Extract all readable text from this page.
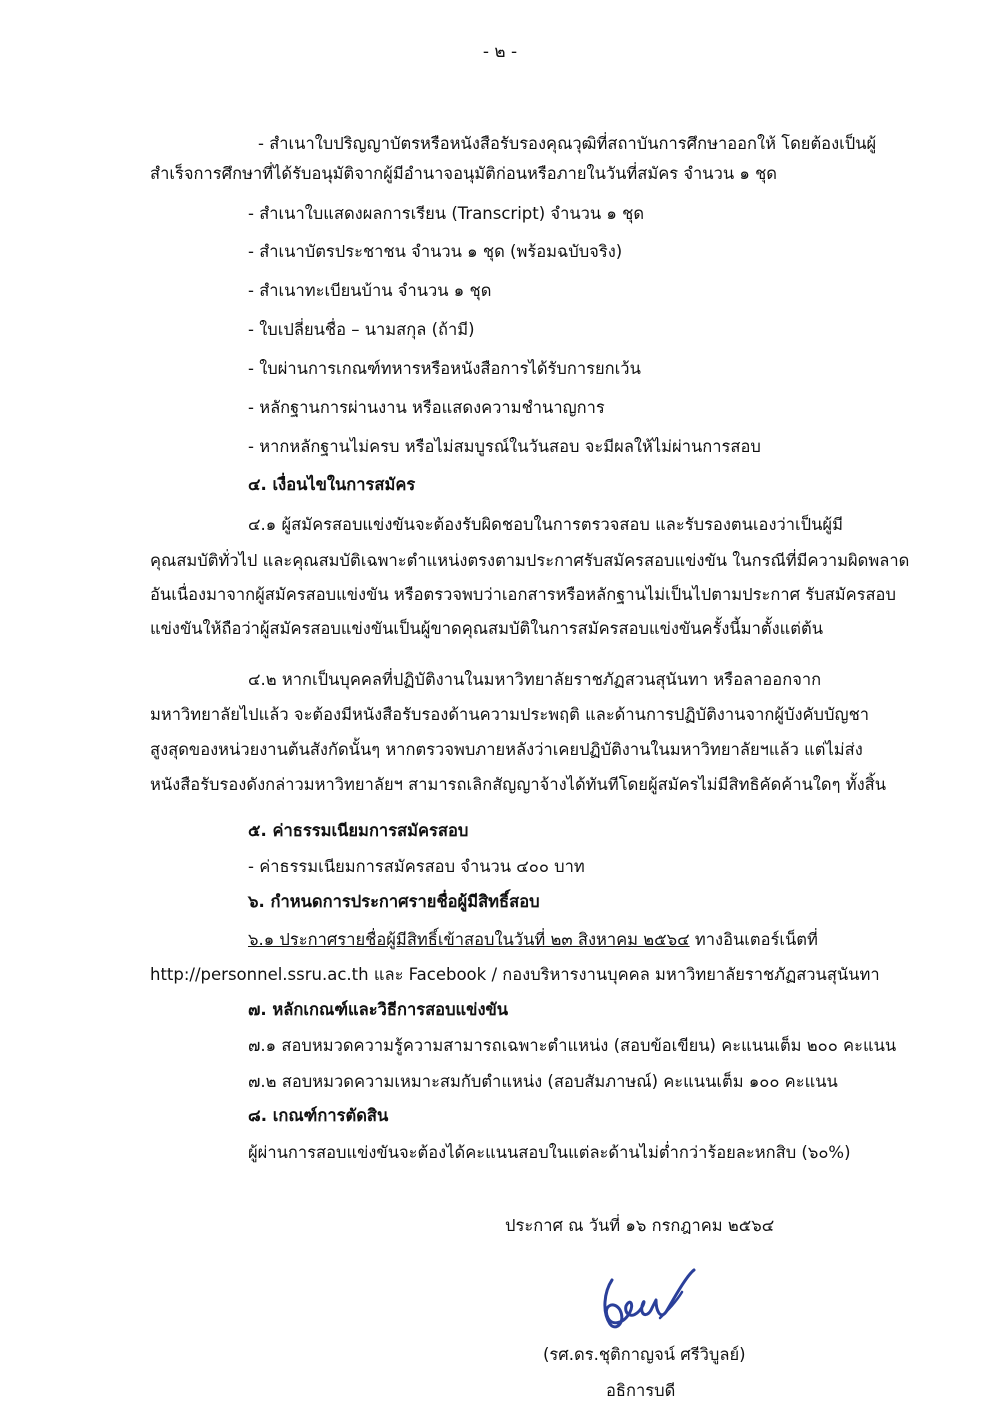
- ๒ -
- สำเนาใบปริญญาบัตรหรือหนังสือรับรองคุณวุฒิที่สถาบันการศึกษาออกให้ โดยต้องเป็นผู้
สำเร็จการศึกษาที่ได้รับอนุมัติจากผู้มีอำนาจอนุมัติก่อนหรือภายในวันที่สมัคร จำนวน ๑ ชุด
- สำเนาใบแสดงผลการเรียน (Transcript) จำนวน ๑ ชุด
- สำเนาบัตรประชาชน จำนวน ๑ ชุด (พร้อมฉบับจริง)
- สำเนาทะเบียนบ้าน จำนวน ๑ ชุด
- ใบเปลี่ยนชื่อ – นามสกุล (ถ้ามี)
- ใบผ่านการเกณฑ์ทหารหรือหนังสือการได้รับการยกเว้น
- หลักฐานการผ่านงาน หรือแสดงความชำนาญการ
- หากหลักฐานไม่ครบ หรือไม่สมบูรณ์ในวันสอบ จะมีผลให้ไม่ผ่านการสอบ
๔. เงื่อนไขในการสมัคร
๔.๑ ผู้สมัครสอบแข่งขันจะต้องรับผิดชอบในการตรวจสอบ และรับรองตนเองว่าเป็นผู้มี
คุณสมบัติทั่วไป และคุณสมบัติเฉพาะตำแหน่งตรงตามประกาศรับสมัครสอบแข่งขัน ในกรณีที่มีความผิดพลาด
อันเนื่องมาจากผู้สมัครสอบแข่งขัน หรือตรวจพบว่าเอกสารหรือหลักฐานไม่เป็นไปตามประกาศ รับสมัครสอบ
แข่งขันให้ถือว่าผู้สมัครสอบแข่งขันเป็นผู้ขาดคุณสมบัติในการสมัครสอบแข่งขันครั้งนี้มาตั้งแต่ต้น
๔.๒ หากเป็นบุคคลที่ปฏิบัติงานในมหาวิทยาลัยราชภัฏสวนสุนันทา หรือลาออกจาก
มหาวิทยาลัยไปแล้ว จะต้องมีหนังสือรับรองด้านความประพฤติ และด้านการปฏิบัติงานจากผู้บังคับบัญชา
สูงสุดของหน่วยงานต้นสังกัดนั้นๆ หากตรวจพบภายหลังว่าเคยปฏิบัติงานในมหาวิทยาลัยฯแล้ว แต่ไม่ส่ง
หนังสือรับรองดังกล่าวมหาวิทยาลัยฯ สามารถเลิกสัญญาจ้างได้ทันทีโดยผู้สมัครไม่มีสิทธิคัดค้านใดๆ ทั้งสิ้น
๕. ค่าธรรมเนียมการสมัครสอบ
- ค่าธรรมเนียมการสมัครสอบ จำนวน ๔๐๐ บาท
๖. กำหนดการประกาศรายชื่อผู้มีสิทธิ์สอบ
๖.๑ ประกาศรายชื่อผู้มีสิทธิ์เข้าสอบในวันที่ ๒๓ สิงหาคม ๒๕๖๔ ทางอินเตอร์เน็ตที่
http://personnel.ssru.ac.th และ Facebook / กองบริหารงานบุคคล มหาวิทยาลัยราชภัฏสวนสุนันทา
๗. หลักเกณฑ์และวิธีการสอบแข่งขัน
๗.๑ สอบหมวดความรู้ความสามารถเฉพาะตำแหน่ง (สอบข้อเขียน) คะแนนเต็ม ๒๐๐ คะแนน
๗.๒ สอบหมวดความเหมาะสมกับตำแหน่ง (สอบสัมภาษณ์) คะแนนเต็ม ๑๐๐ คะแนน
๘. เกณฑ์การตัดสิน
ผู้ผ่านการสอบแข่งขันจะต้องได้คะแนนสอบในแต่ละด้านไม่ต่ำกว่าร้อยละหกสิบ (๖๐%)
ประกาศ ณ วันที่ ๑๖ กรกฎาคม ๒๕๖๔
(รศ.ดร.ชุติกาญจน์ ศรีวิบูลย์)
อธิการบดี
